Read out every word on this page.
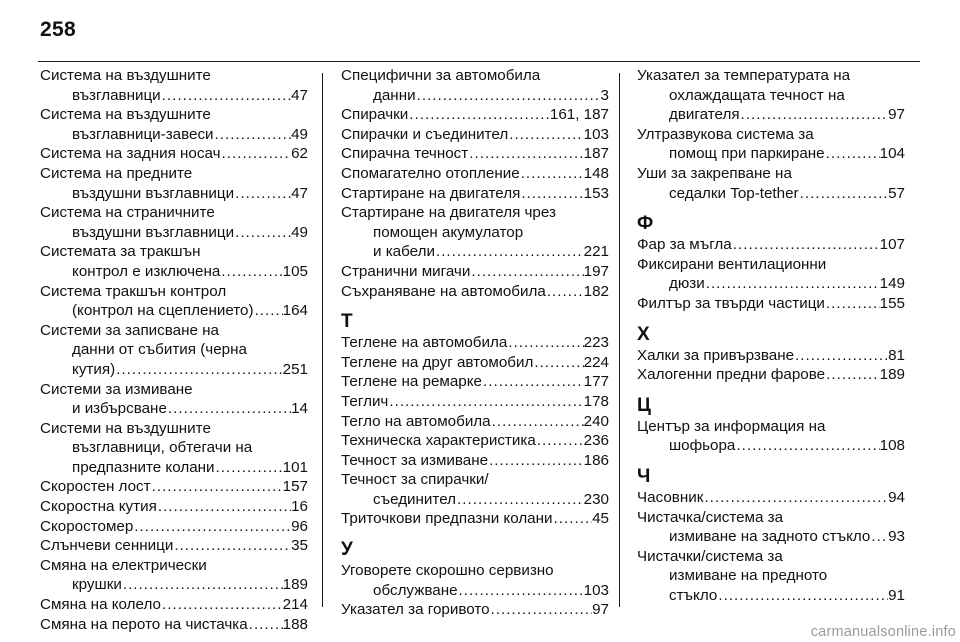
258
Система на въздушните
възглавници . . .	47
Система на въздушните
възглавници-завеси . . .	49
Система на задния носач . . .	62
Система на предните
въздушни възглавници . . .	47
Система на страничните
въздушни възглавници . . .	49
Системата за тракшън
контрол е изключена . . .	105
Система тракшън контрол
(контрол на сцеплението) . . . 164
Системи за записване на
данни от събития (черна
кутия) . . .	251
Системи за измиване
и избърсване . . .	14
Системи на въздушните
възглавници, обтегачи на
предпазните колани . . .	101
Скоростен лост . . .	157
Скоростна кутия . . .	16
Скоростомер . . .	96
Слънчеви сенници . . .	35
Смяна на електрически
крушки . . .	189
Смяна на колело . . .	214
Смяна на перото на чистачка . . . 188
Специфични за автомобила
данни . . .	3
Спирачки . . .	161, 187
Спирачки и съединител . . .	103
Спирачна течност . . .	187
Спомагателно отопление . . .	148
Стартиране на двигателя . . .	153
Стартиране на двигателя чрез
помощен акумулатор
и кабели . . .	221
Странични мигачи . . .	197
Съхраняване на автомобила . . . 182
Т
Теглене на автомобила . . .	223
Теглене на друг автомобил . . .	224
Теглене на ремарке . . .	177
Теглич . . .	178
Тегло на автомобила . . .	240
Техническа характеристика . . .	236
Течност за измиване . . .	186
Течност за спирачки/
съединител . . .	230
Триточкови предпазни колани . . .	45
У
Уговорете скорошно сервизно
обслужване . . .	103
Указател за горивото . . .	97
Указател за температурата на
охлаждащата течност на
двигателя . . .	97
Ултразвукова система за
помощ при паркиране . . .	104
Уши за закрепване на
седалки Top-tether . . .	57
Ф
Фар за мъгла . . .	107
Фиксирани вентилационни
дюзи . . .	149
Филтър за твърди частици . . .	155
Х
Халки за привързване . . .	81
Халогенни предни фарове . . .	189
Ц
Център за информация на
шофьора . . .	108
Ч
Часовник . . .	94
Чистачка/система за
измиване на задното стъкло . . . 93
Чистачки/система за
измиване на предното
стъкло . . .	91
carmanualsonline.info
